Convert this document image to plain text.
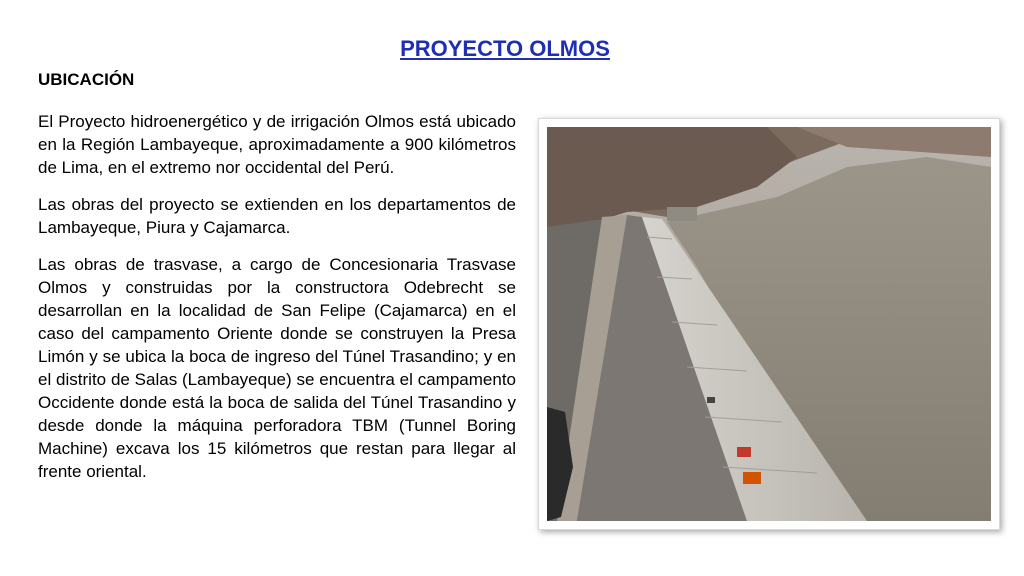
PROYECTO OLMOS
UBICACIÓN

El Proyecto hidroenergético y de irrigación Olmos está ubicado en la Región Lambayeque, aproximadamente a 900 kilómetros de Lima, en el extremo nor occidental del Perú.

Las obras del proyecto se extienden en los departamentos de Lambayeque, Piura y Cajamarca.

Las obras de trasvase, a cargo de Concesionaria Trasvase Olmos y construidas por la constructora Odebrecht se desarrollan en la localidad de San Felipe (Cajamarca) en el caso del campamento Oriente donde se construyen la Presa Limón y se ubica la boca de ingreso del Túnel Trasandino; y en el distrito de Salas (Lambayeque) se encuentra el campamento Occidente donde está la boca de salida del Túnel Trasandino y desde donde la máquina perforadora TBM (Tunnel Boring Machine) excava los 15 kilómetros que restan para llegar al frente oriental.
